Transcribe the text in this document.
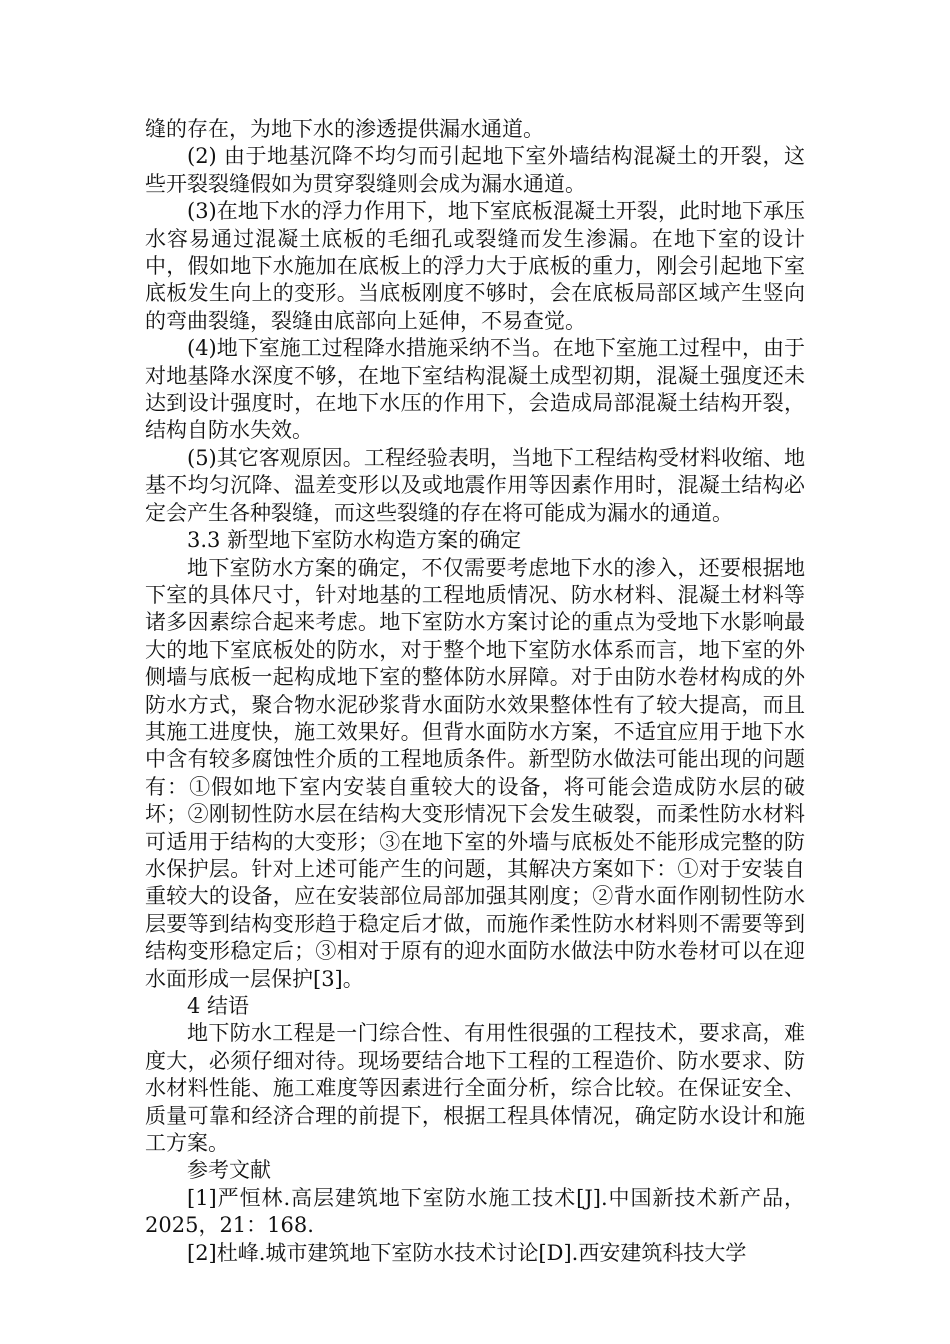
缝的存在，为地下水的渗透提供漏水通道。

(2) 由于地基沉降不均匀而引起地下室外墙结构混凝土的开裂，这些开裂裂缝假如为贯穿裂缝则会成为漏水通道。

(3)在地下水的浮力作用下，地下室底板混凝土开裂，此时地下承压水容易通过混凝土底板的毛细孔或裂缝而发生渗漏。在地下室的设计中，假如地下水施加在底板上的浮力大于底板的重力，刚会引起地下室底板发生向上的变形。当底板刚度不够时，会在底板局部区域产生竖向的弯曲裂缝，裂缝由底部向上延伸，不易查觉。

(4)地下室施工过程降水措施采纳不当。在地下室施工过程中，由于对地基降水深度不够，在地下室结构混凝土成型初期，混凝土强度还未达到设计强度时，在地下水压的作用下，会造成局部混凝土结构开裂，结构自防水失效。

(5)其它客观原因。工程经验表明，当地下工程结构受材料收缩、地基不均匀沉降、温差变形以及或地震作用等因素作用时，混凝土结构必定会产生各种裂缝，而这些裂缝的存在将可能成为漏水的通道。

3.3 新型地下室防水构造方案的确定

地下室防水方案的确定，不仅需要考虑地下水的渗入，还要根据地下室的具体尺寸，针对地基的工程地质情况、防水材料、混凝土材料等诸多因素综合起来考虑。地下室防水方案讨论的重点为受地下水影响最大的地下室底板处的防水，对于整个地下室防水体系而言，地下室的外侧墙与底板一起构成地下室的整体防水屏障。对于由防水卷材构成的外防水方式，聚合物水泥砂浆背水面防水效果整体性有了较大提高，而且其施工进度快，施工效果好。但背水面防水方案，不适宜应用于地下水中含有较多腐蚀性介质的工程地质条件。新型防水做法可能出现的问题有：①假如地下室内安装自重较大的设备，将可能会造成防水层的破坏；②刚韧性防水层在结构大变形情况下会发生破裂，而柔性防水材料可适用于结构的大变形；③在地下室的外墙与底板处不能形成完整的防水保护层。针对上述可能产生的问题，其解决方案如下：①对于安装自重较大的设备，应在安装部位局部加强其刚度；②背水面作刚韧性防水层要等到结构变形趋于稳定后才做，而施作柔性防水材料则不需要等到结构变形稳定后；③相对于原有的迎水面防水做法中防水卷材可以在迎水面形成一层保护[3]。

4 结语

地下防水工程是一门综合性、有用性很强的工程技术，要求高，难度大，必须仔细对待。现场要结合地下工程的工程造价、防水要求、防水材料性能、施工难度等因素进行全面分析，综合比较。在保证安全、质量可靠和经济合理的前提下，根据工程具体情况，确定防水设计和施工方案。

参考文献

[1]严恒林.高层建筑地下室防水施工技术[J].中国新技术新产品，2025，21：168.

[2]杜峰.城市建筑地下室防水技术讨论[D].西安建筑科技大学
